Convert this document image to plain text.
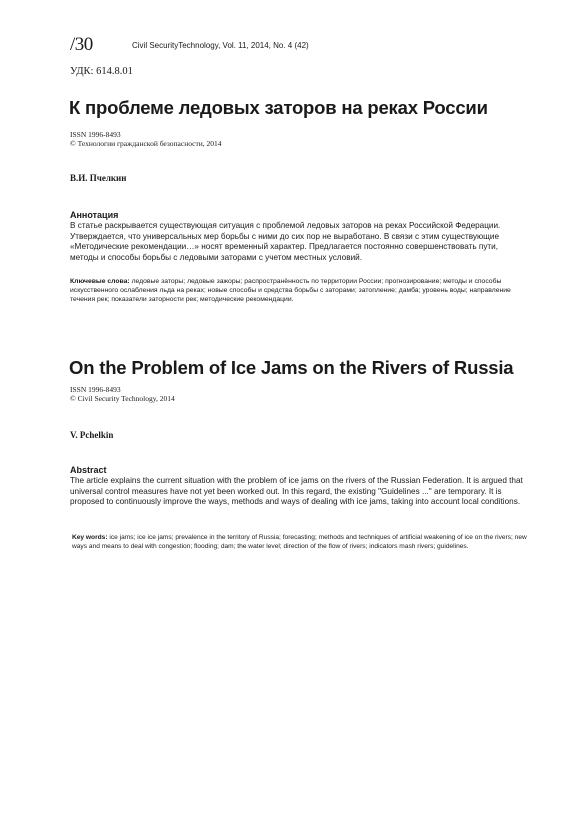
/30	Civil SecurityTechnology, Vol. 11, 2014, No. 4 (42)
УДК: 614.8.01
К проблеме ледовых заторов на реках России
ISSN 1996-8493
© Технологии гражданской безопасности, 2014
В.И. Пчелкин
Аннотация
В статье раскрывается существующая ситуация с проблемой ледовых заторов на реках Российской Федерации. Утверждается, что универсальных мер борьбы с ними до сих пор не выработано. В связи с этим существующие «Методические рекомендации…» носят временный характер. Предлагается постоянно совершенствовать пути, методы и способы борьбы с ледовыми заторами с учетом местных условий.
Ключевые слова: ледовые заторы; ледовые зажоры; распространённость по территории России; прогнозирование; методы и способы искусственного ослабления льда на реках; новые способы и средства борьбы с заторами; затопление; дамба; уровень воды; направление течения рек; показатели заторности рек; методические рекомендации.
On the Problem of Ice Jams on the Rivers of Russia
ISSN 1996-8493
© Civil Security Technology, 2014
V. Pchelkin
Abstract
The article explains the current situation with the problem of ice jams on the rivers of the Russian Federation. It is argued that universal control measures have not yet been worked out. In this regard, the existing "Guidelines ..." are temporary. It is proposed to continuously improve the ways, methods and ways of dealing with ice jams, taking into account local conditions.
Key words: ice jams; ice ice jams; prevalence in the territory of Russia; forecasting; methods and techniques of artificial weakening of ice on the rivers; new ways and means to deal with congestion; flooding; dam; the water level; direction of the flow of rivers; indicators mash rivers; guidelines.
